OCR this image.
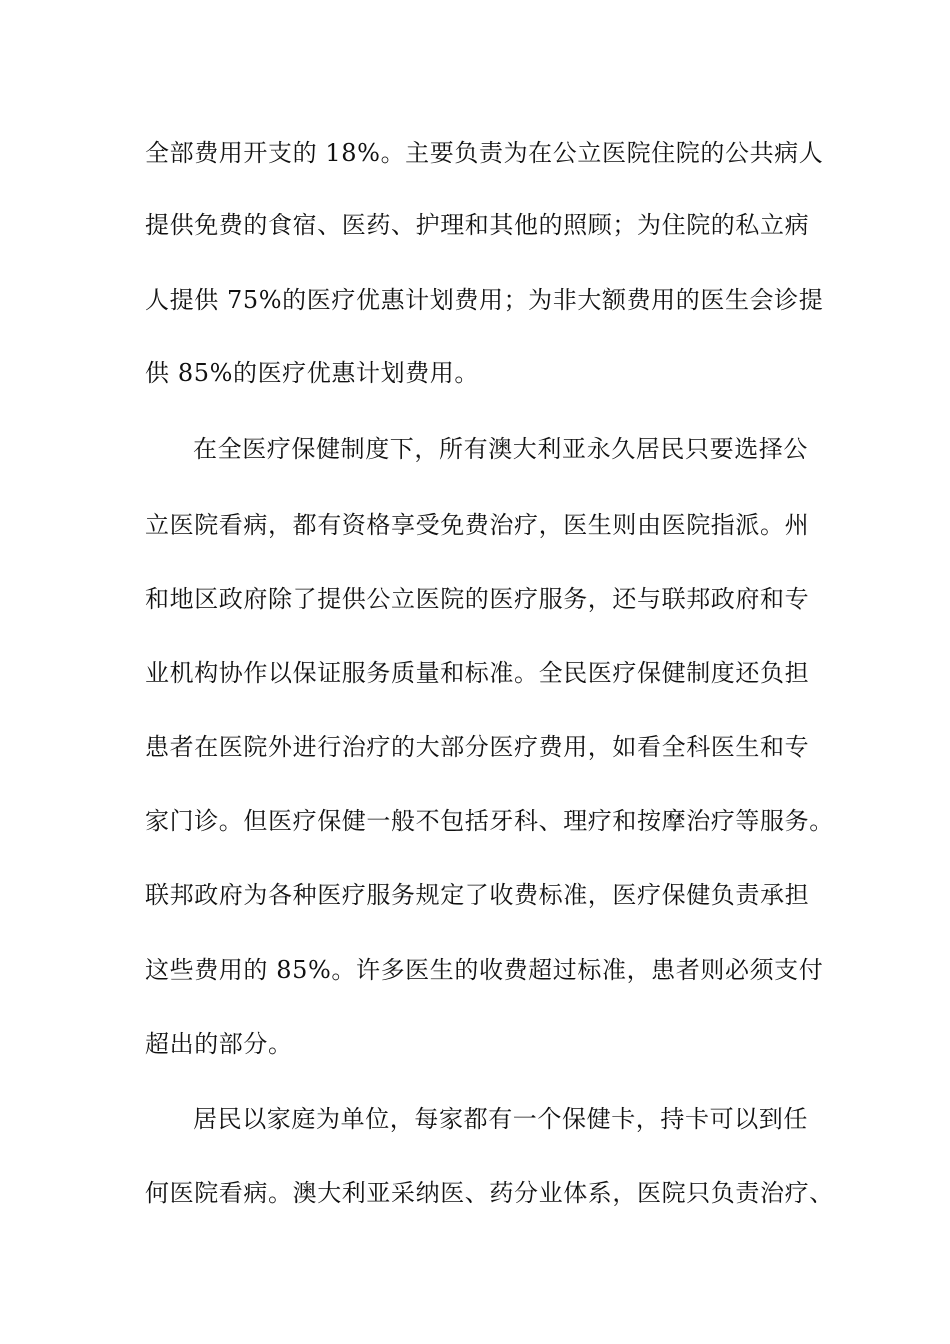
全部费用开支的 18%。主要负责为在公立医院住院的公共病人
提供免费的食宿、医药、护理和其他的照顾；为住院的私立病
人提供 75%的医疗优惠计划费用；为非大额费用的医生会诊提
供 85%的医疗优惠计划费用。
在全医疗保健制度下，所有澳大利亚永久居民只要选择公
立医院看病，都有资格享受免费治疗，医生则由医院指派。州
和地区政府除了提供公立医院的医疗服务，还与联邦政府和专
业机构协作以保证服务质量和标准。全民医疗保健制度还负担
患者在医院外进行治疗的大部分医疗费用，如看全科医生和专
家门诊。但医疗保健一般不包括牙科、理疗和按摩治疗等服务。
联邦政府为各种医疗服务规定了收费标准，医疗保健负责承担
这些费用的 85%。许多医生的收费超过标准，患者则必须支付
超出的部分。
居民以家庭为单位，每家都有一个保健卡，持卡可以到任
何医院看病。澳大利亚采纳医、药分业体系，医院只负责治疗、
